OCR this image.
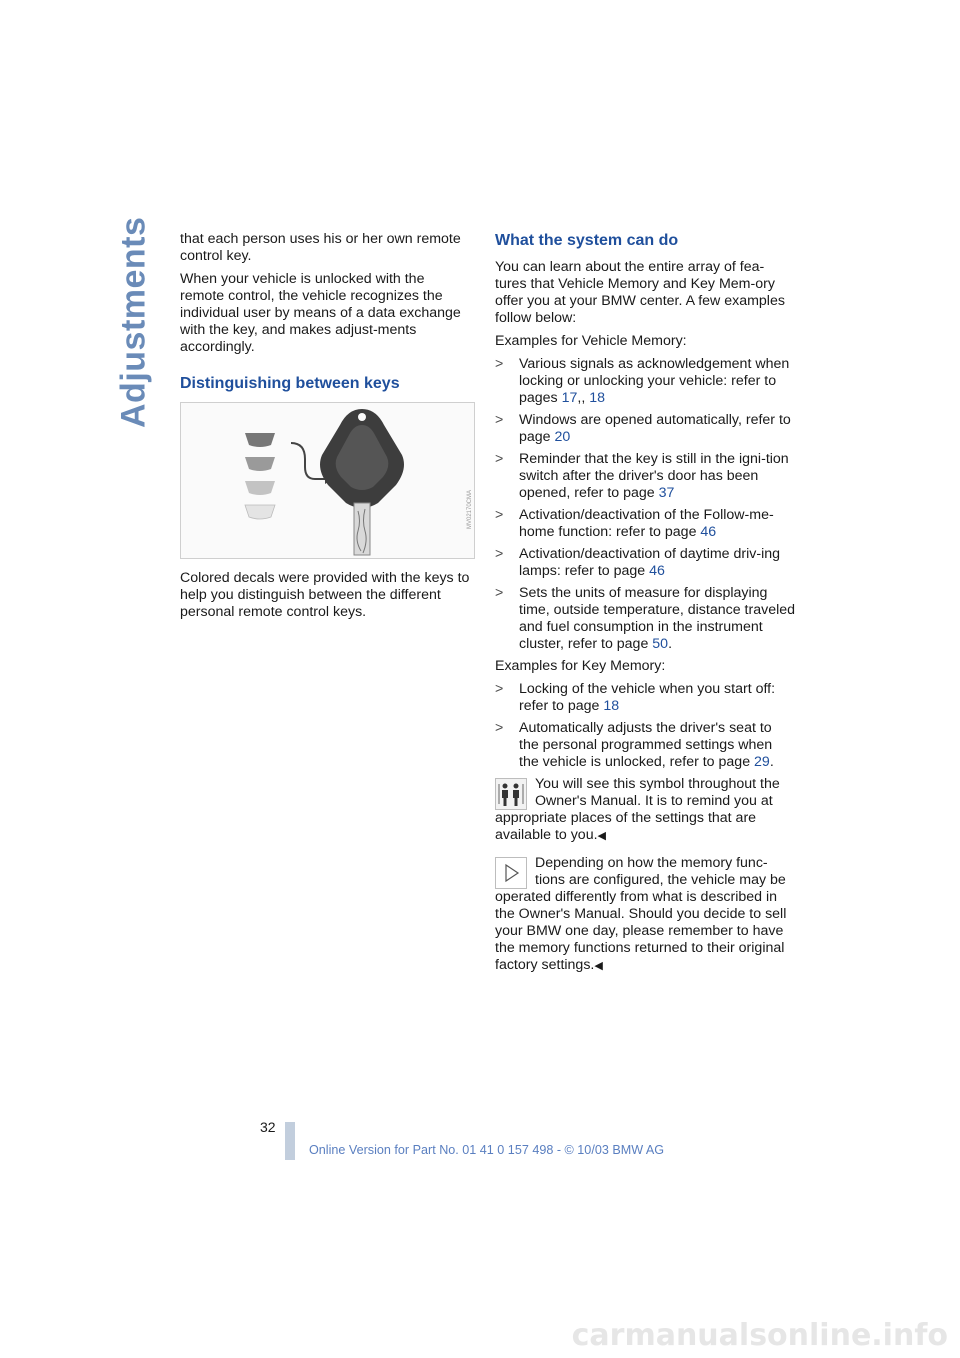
Adjustments that each person uses his or her own remote control key.

When your vehicle is unlocked with the remote control, the vehicle recognizes the individual user by means of a data exchange with the key, and makes adjust-ments accordingly.

Distinguishing between keys
MV02170CMA

Colored decals were provided with the keys to help you distinguish between the different personal remote control keys.

What the system can do

You can learn about the entire array of fea-tures that Vehicle Memory and Key Mem-ory offer you at your BMW center. A few examples follow below:

Examples for Vehicle Memory:

> Various signals as acknowledgement when locking or unlocking your vehicle: refer to pages 17,, 18
> Windows are opened automatically, refer to page 20
> Reminder that the key is still in the igni-tion switch after the driver's door has been opened, refer to page 37
> Activation/deactivation of the Follow-me-home function: refer to page 46
> Activation/deactivation of daytime driv-ing lamps: refer to page 46
> Sets the units of measure for displaying time, outside temperature, distance traveled and fuel consumption in the instrument cluster, refer to page 50.

Examples for Key Memory:

> Locking of the vehicle when you start off: refer to page 18
> Automatically adjusts the driver's seat to the personal programmed settings when the vehicle is unlocked, refer to page 29.
You will see this symbol throughout the Owner's Manual. It is to remind you at appropriate places of the settings that are available to you.◀
Depending on how the memory func-tions are configured, the vehicle may be operated differently from what is described in the Owner's Manual. Should you decide to sell your BMW one day, please remember to have the memory functions returned to their original factory settings.◀
32
Online Version for Part No. 01 41 0 157 498 - © 10/03 BMW AG
carmanualsonline.info
